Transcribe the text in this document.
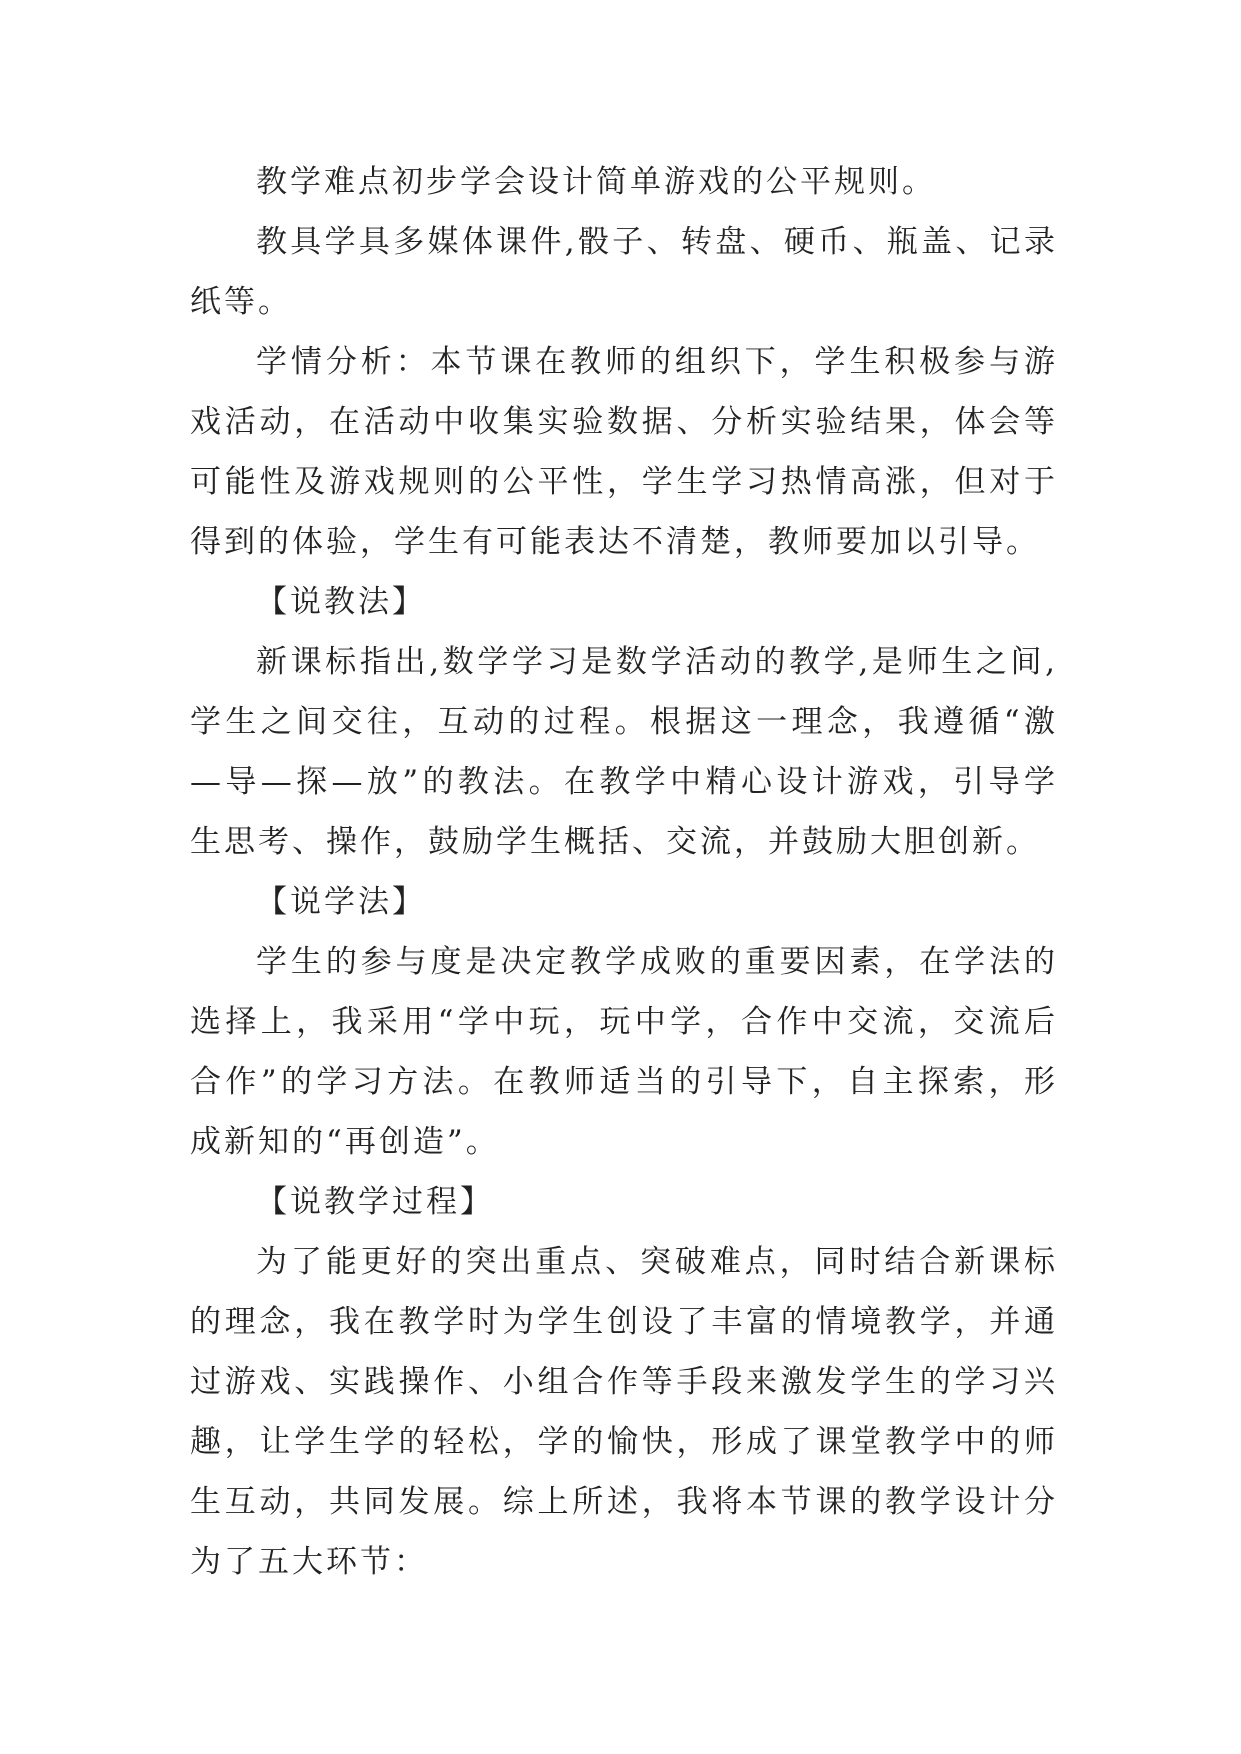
教学难点初步学会设计简单游戏的公平规则。

教具学具多媒体课件,骰子、转盘、硬币、瓶盖、记录纸等。

学情分析：本节课在教师的组织下，学生积极参与游戏活动，在活动中收集实验数据、分析实验结果，体会等可能性及游戏规则的公平性，学生学习热情高涨，但对于得到的体验，学生有可能表达不清楚，教师要加以引导。

【说教法】

新课标指出,数学学习是数学活动的教学,是师生之间,学生之间交往，互动的过程。根据这一理念，我遵循“激—导—探—放”的教法。在教学中精心设计游戏，引导学生思考、操作，鼓励学生概括、交流，并鼓励大胆创新。

【说学法】

学生的参与度是决定教学成败的重要因素，在学法的选择上，我采用“学中玩，玩中学，合作中交流，交流后合作”的学习方法。在教师适当的引导下，自主探索，形成新知的“再创造”。

【说教学过程】

为了能更好的突出重点、突破难点，同时结合新课标的理念，我在教学时为学生创设了丰富的情境教学，并通过游戏、实践操作、小组合作等手段来激发学生的学习兴趣，让学生学的轻松，学的愉快，形成了课堂教学中的师生互动，共同发展。综上所述，我将本节课的教学设计分为了五大环节：
